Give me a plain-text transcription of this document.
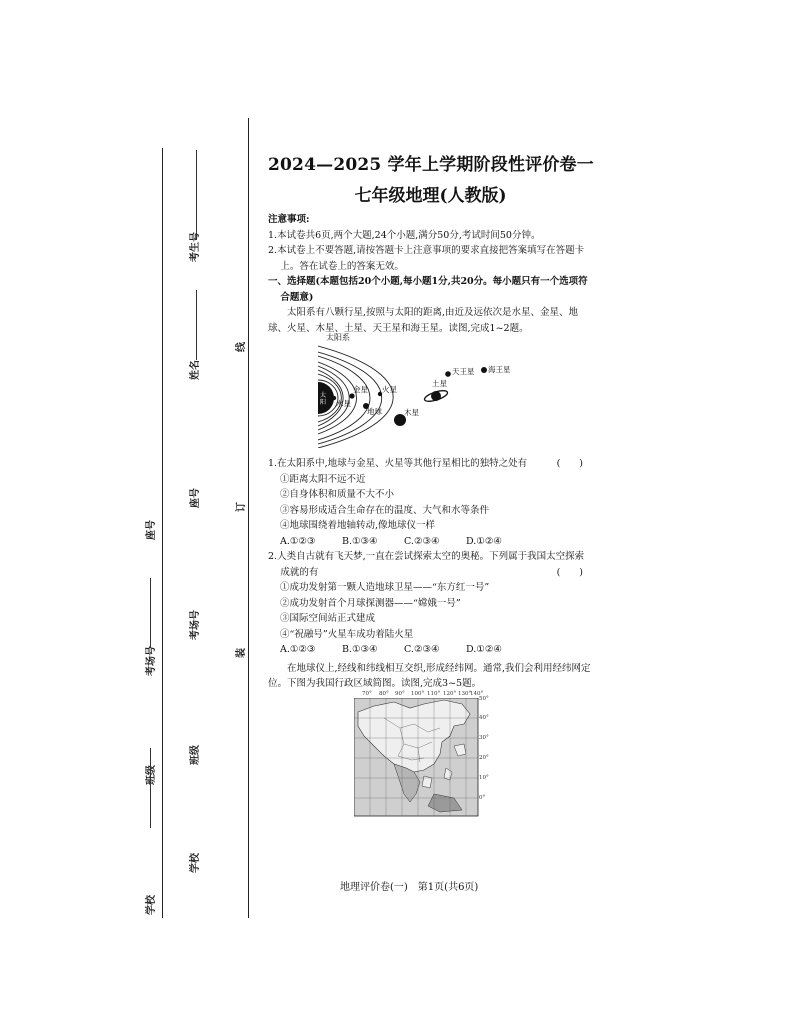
学校
班级
考场号
座号
考生号
姓名
座号
考场号
班级
学校
线
订
装
2024—2025 学年上学期阶段性评价卷一
七年级地理(人教版)
注意事项:
1.本试卷共6页,两个大题,24个小题,满分50分,考试时间50分钟。
2.本试卷上不要答题,请按答题卡上注意事项的要求直接把答案填写在答题卡上。答在试卷上的答案无效。
一、选择题(本题包括20个小题,每小题1分,共20分。每小题只有一个选项符合题意)
太阳系有八颗行星,按照与太阳的距离,由近及远依次是水星、金星、地球、火星、木星、土星、天王星和海王星。读图,完成1~2题。
太阳系
太阳 水星
金星
地球
火星
木星
土星
天王星 海王星
(　　)
1.在太阳系中,地球与金星、火星等其他行星相比的独特之处有
①距离太阳不远不近
②自身体积和质量不大不小
③容易形成适合生命存在的温度、大气和水等条件
④地球围绕着地轴转动,像地球仪一样
A.①②③	B.①③④	C.②③④	D.①②④
2.人类自古就有飞天梦,一直在尝试探索太空的奥秘。下列属于我国太空探索成就的有	(　　)
①成功发射第一颗人造地球卫星——“东方红一号”
②成功发射首个月球探测器——“嫦娥一号”
③国际空间站正式建成
④“祝融号”火星车成功着陆火星
A.①②③	B.①③④	C.②③④	D.①②④
在地球仪上,经线和纬线相互交织,形成经纬网。通常,我们会利用经纬网定位。下图为我国行政区域简图。读图,完成3~5题。
70° 80° 90° 100° 110° 120° 130°
140°
50°
40°
30°
20°
10°
0°
地理评价卷(一)　第1页(共6页)
